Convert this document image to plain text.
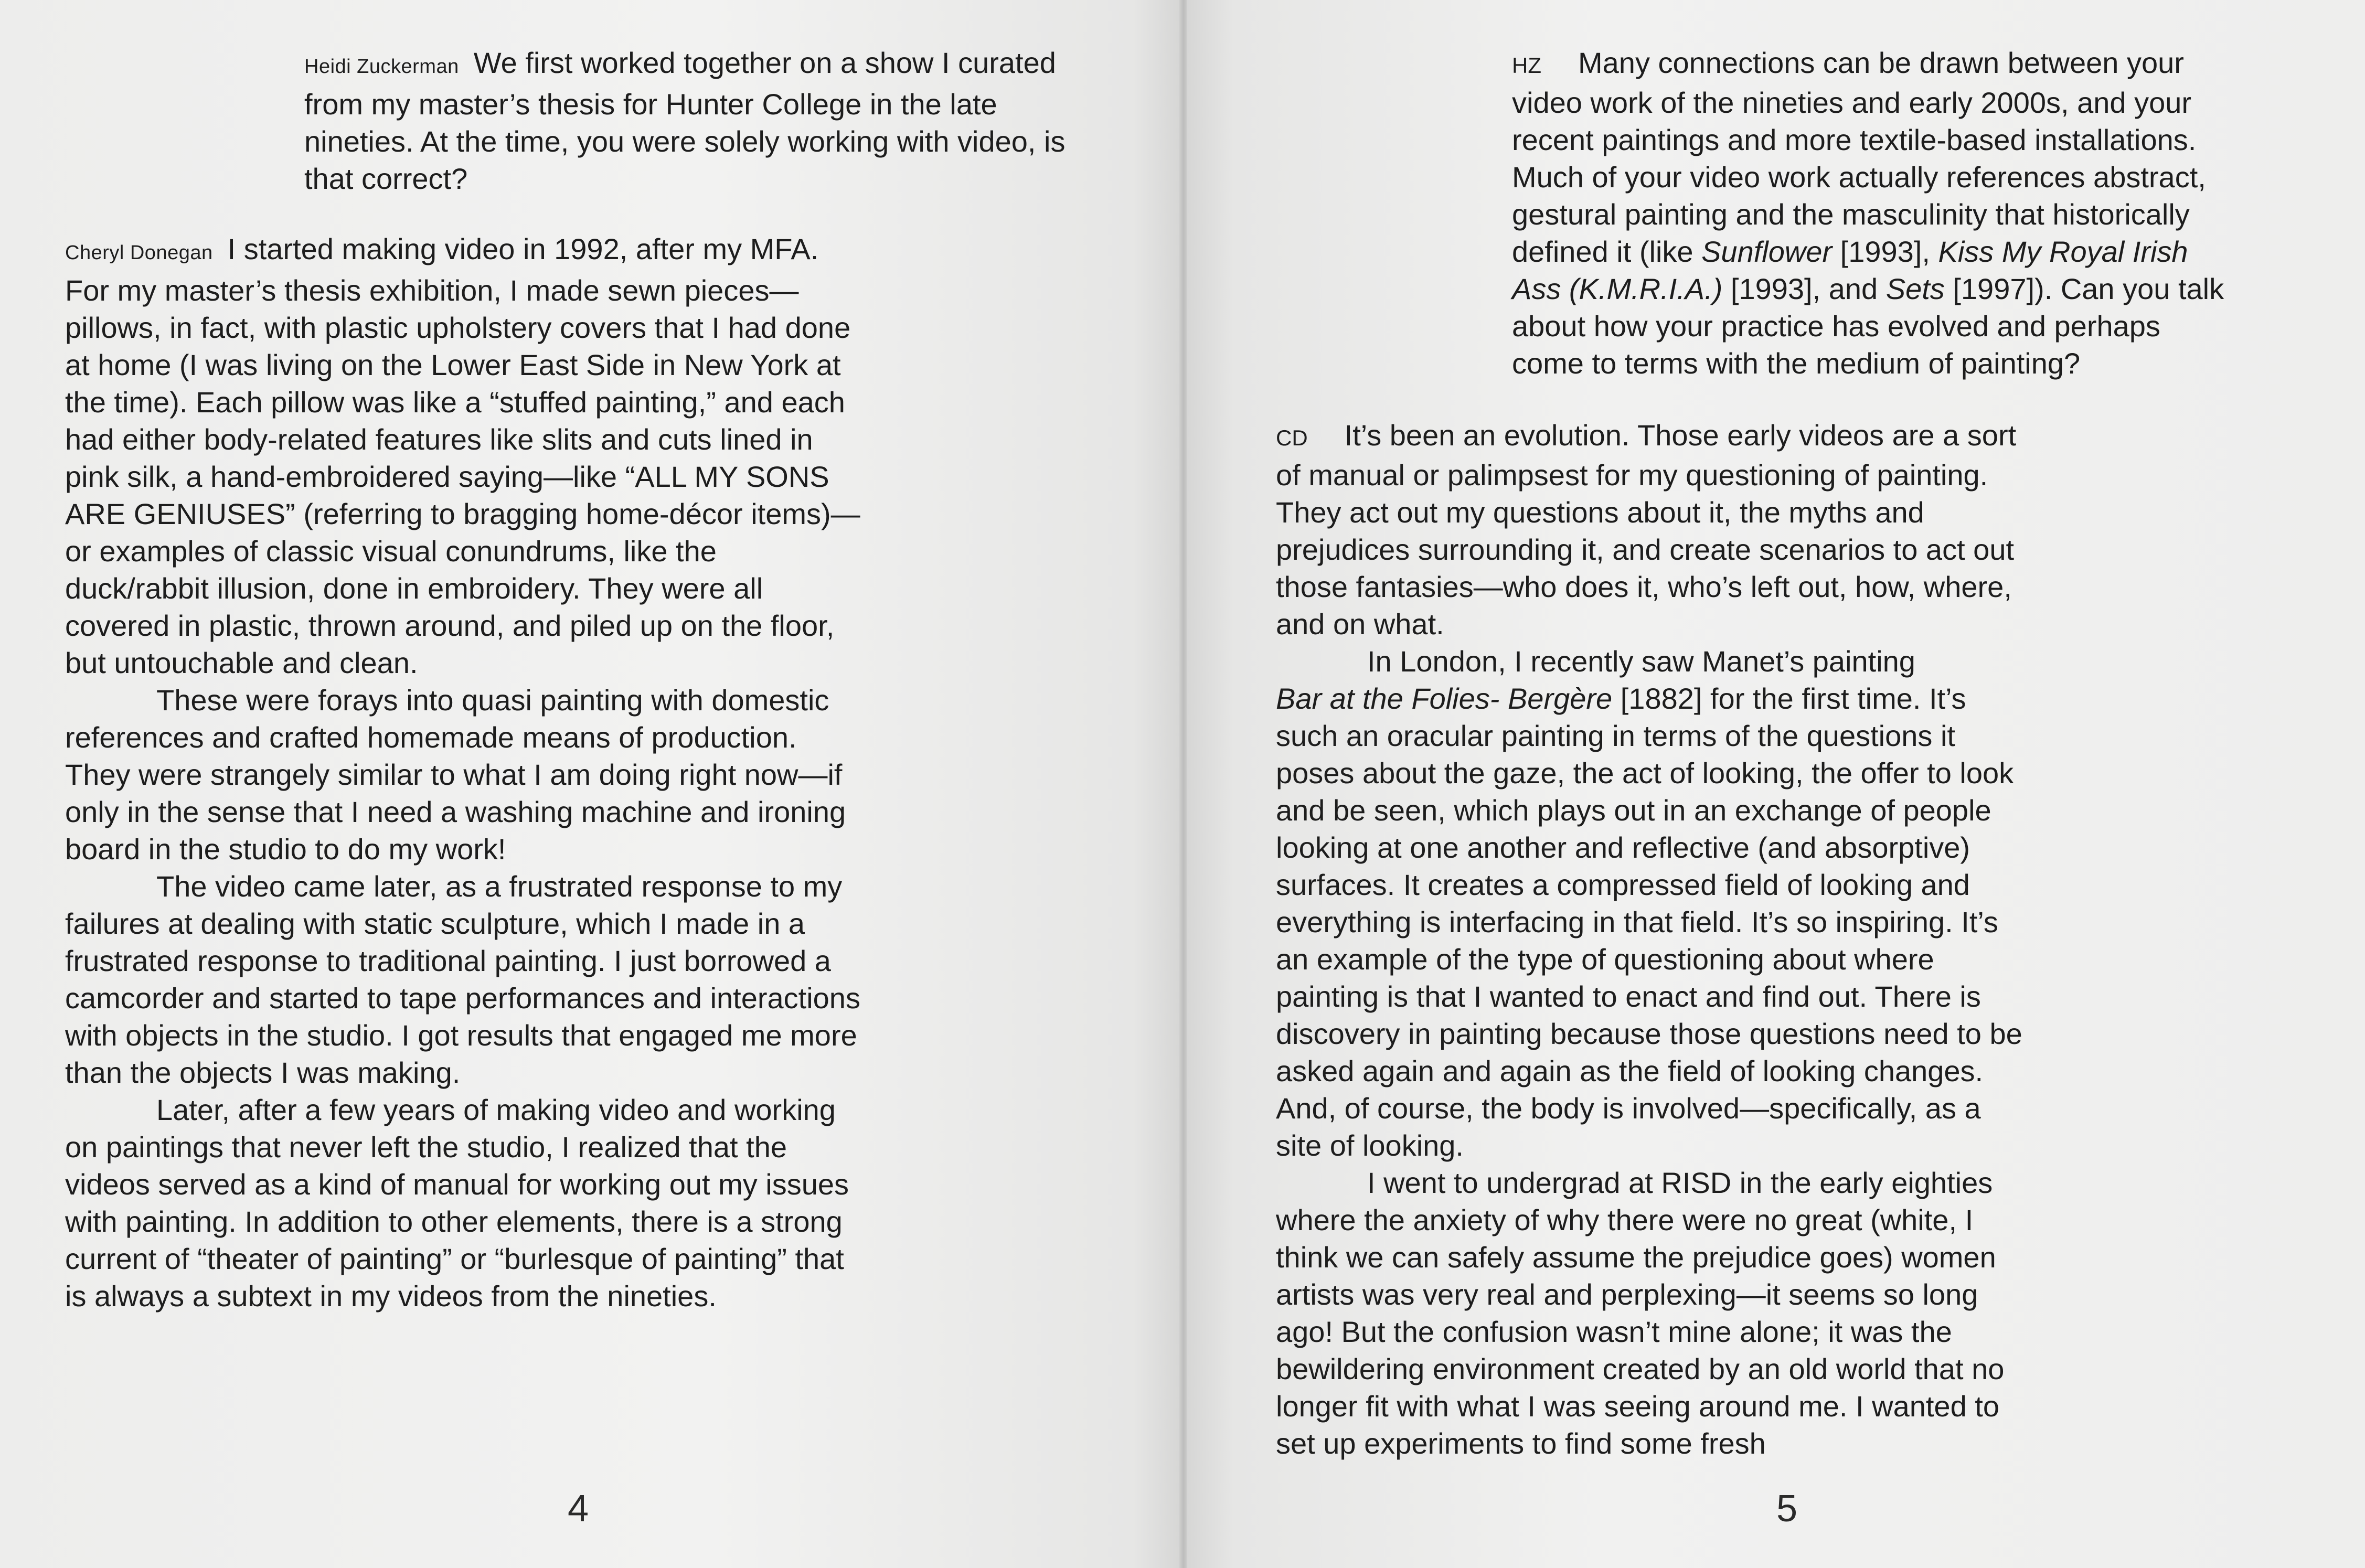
Heidi Zuckerman We first worked together on a show I curated from my master’s thesis for Hunter College in the late nineties. At the time, you were solely working with video, is that correct?

Cheryl Donegan I started making video in 1992, after my MFA. For my master’s thesis exhibition, I made sewn pieces—pillows, in fact, with plastic upholstery covers that I had done at home (I was living on the Lower East Side in New York at the time). Each pillow was like a “stuffed painting,” and each had either body-related features like slits and cuts lined in pink silk, a hand-embroidered saying—like “ALL MY SONS ARE GENIUSES” (referring to bragging home-décor items)—or examples of classic visual conundrums, like the duck/rabbit illusion, done in embroidery. They were all covered in plastic, thrown around, and piled up on the floor, but untouchable and clean.

These were forays into quasi painting with domestic references and crafted homemade means of production. They were strangely similar to what I am doing right now—if only in the sense that I need a washing machine and ironing board in the studio to do my work!

The video came later, as a frustrated response to my failures at dealing with static sculpture, which I made in a frustrated response to traditional painting. I just borrowed a camcorder and started to tape performances and interactions with objects in the studio. I got results that engaged me more than the objects I was making.

Later, after a few years of making video and working on paintings that never left the studio, I realized that the videos served as a kind of manual for working out my issues with painting. In addition to other elements, there is a strong current of “theater of painting” or “burlesque of painting” that is always a subtext in my videos from the nineties.

4
HZ Many connections can be drawn between your
video work of the nineties and early 2000s, and your
recent paintings and more textile-based installations.
Much of your video work actually references abstract,
gestural painting and the masculinity that historically
defined it (like Sunflower [1993], Kiss My Royal Irish
Ass (K.M.R.I.A.) [1993], and Sets [1997]). Can you talk
about how your practice has evolved and perhaps
come to terms with the medium of painting?

CD It’s been an evolution. Those early videos are a sort of manual or palimpsest for my questioning of painting. They act out my questions about it, the myths and prejudices surrounding it, and create scenarios to act out those fantasies—who does it, who’s left out, how, where, and on what.

In London, I recently saw Manet’s painting
Bar at the Folies- Bergère [1882] for the first time. It’s such an oracular painting in terms of the questions it poses about the gaze, the act of looking, the offer to look and be seen, which plays out in an exchange of people looking at one another and reflective (and absorptive) surfaces. It creates a compressed field of looking and everything is interfacing in that field. It’s so inspiring. It’s an example of the type of questioning about where painting is that I wanted to enact and find out. There is discovery in painting because those questions need to be asked again and again as the field of looking changes. And, of course, the body is involved—specifically, as a site of looking.

I went to undergrad at RISD in the early eighties where the anxiety of why there were no great (white, I think we can safely assume the prejudice goes) women artists was very real and perplexing—it seems so long ago! But the confusion wasn’t mine alone; it was the bewildering environment created by an old world that no longer fit with what I was seeing around me. I wanted to set up experiments to find some fresh

5
